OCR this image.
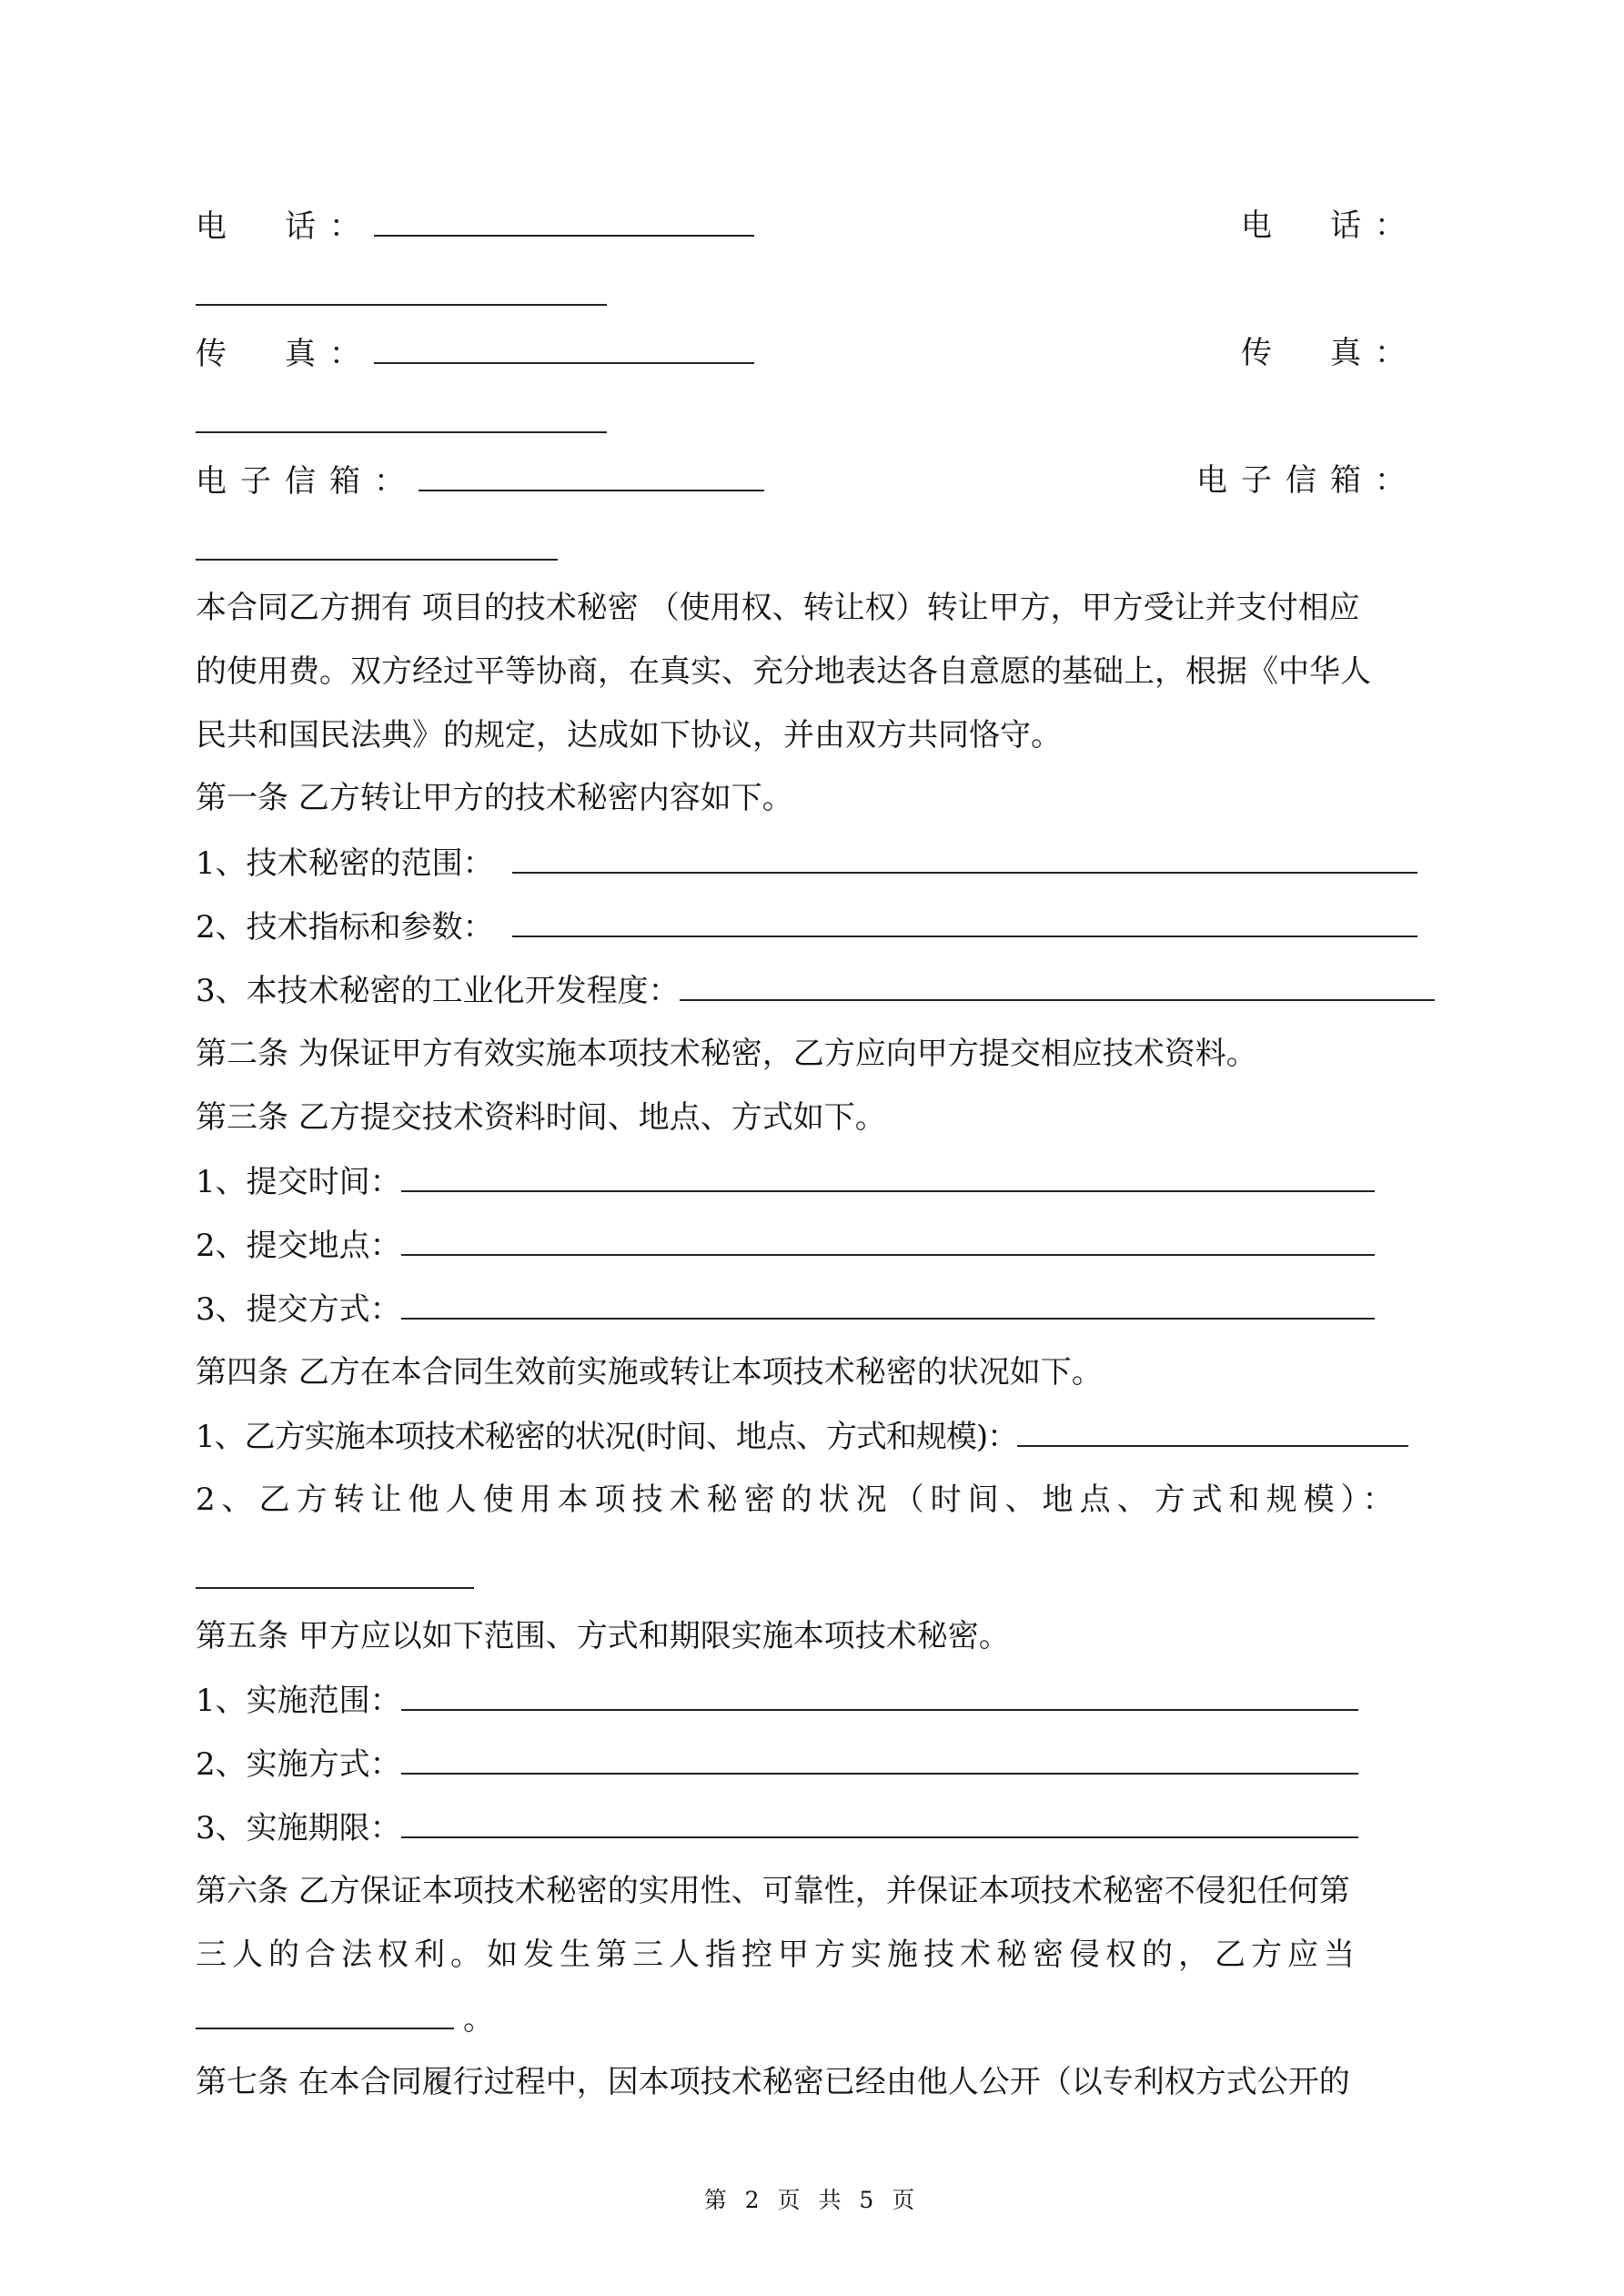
电　话：	电　话：
传　真：	传　真：
电子信箱：	电子信箱：
本合同乙方拥有 项目的技术秘密 （使用权、转让权）转让甲方，甲方受让并支付相应
的使用费。双方经过平等协商，在真实、充分地表达各自意愿的基础上，根据《中华人
民共和国民法典》的规定，达成如下协议，并由双方共同恪守。
第一条 乙方转让甲方的技术秘密内容如下。
1、技术秘密的范围：
2、技术指标和参数：
3、本技术秘密的工业化开发程度：
第二条 为保证甲方有效实施本项技术秘密，乙方应向甲方提交相应技术资料。
第三条 乙方提交技术资料时间、地点、方式如下。
1、提交时间：
2、提交地点：
3、提交方式：
第四条 乙方在本合同生效前实施或转让本项技术秘密的状况如下。
1、乙方实施本项技术秘密的状况(时间、地点、方式和规模)：
2、乙方转让他人使用本项技术秘密的状况（时间、地点、方式和规模）：
第五条 甲方应以如下范围、方式和期限实施本项技术秘密。
1、实施范围：
2、实施方式：
3、实施期限：
第六条 乙方保证本项技术秘密的实用性、可靠性，并保证本项技术秘密不侵犯任何第
三人的合法权利。如发生第三人指控甲方实施技术秘密侵权的，乙方应当
。
第七条 在本合同履行过程中，因本项技术秘密已经由他人公开（以专利权方式公开的
第 2 页 共 5 页
